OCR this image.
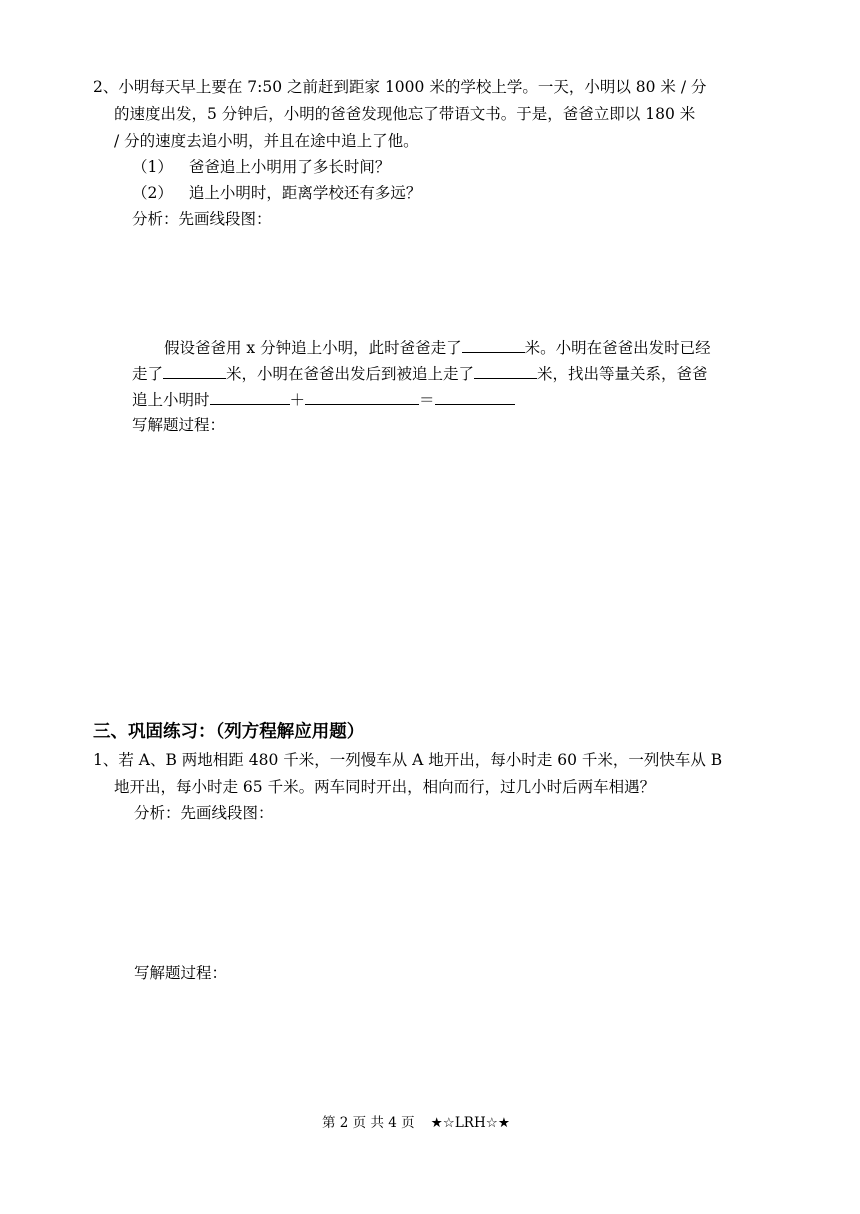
2、小明每天早上要在 7:50 之前赶到距家 1000 米的学校上学。一天，小明以 80 米 / 分
的速度出发，5 分钟后，小明的爸爸发现他忘了带语文书。于是，爸爸立即以 180 米
/ 分的速度去追小明，并且在途中追上了他。
（1） 爸爸追上小明用了多长时间？
（2） 追上小明时，距离学校还有多远？
分析：先画线段图：
假设爸爸用 x 分钟追上小明，此时爸爸走了	米。小明在爸爸出发时已经
走了	米，小明在爸爸出发后到被追上走了	米，找出等量关系，爸爸
追上小明时	＋	＝
写解题过程：
三、巩固练习：（列方程解应用题）
1、若 A、B 两地相距 480 千米，一列慢车从 A 地开出，每小时走 60 千米，一列快车从 B
地开出，每小时走 65 千米。两车同时开出，相向而行，过几小时后两车相遇？
分析：先画线段图：
写解题过程：
第 2 页 共 4 页 ★☆LRH☆★
